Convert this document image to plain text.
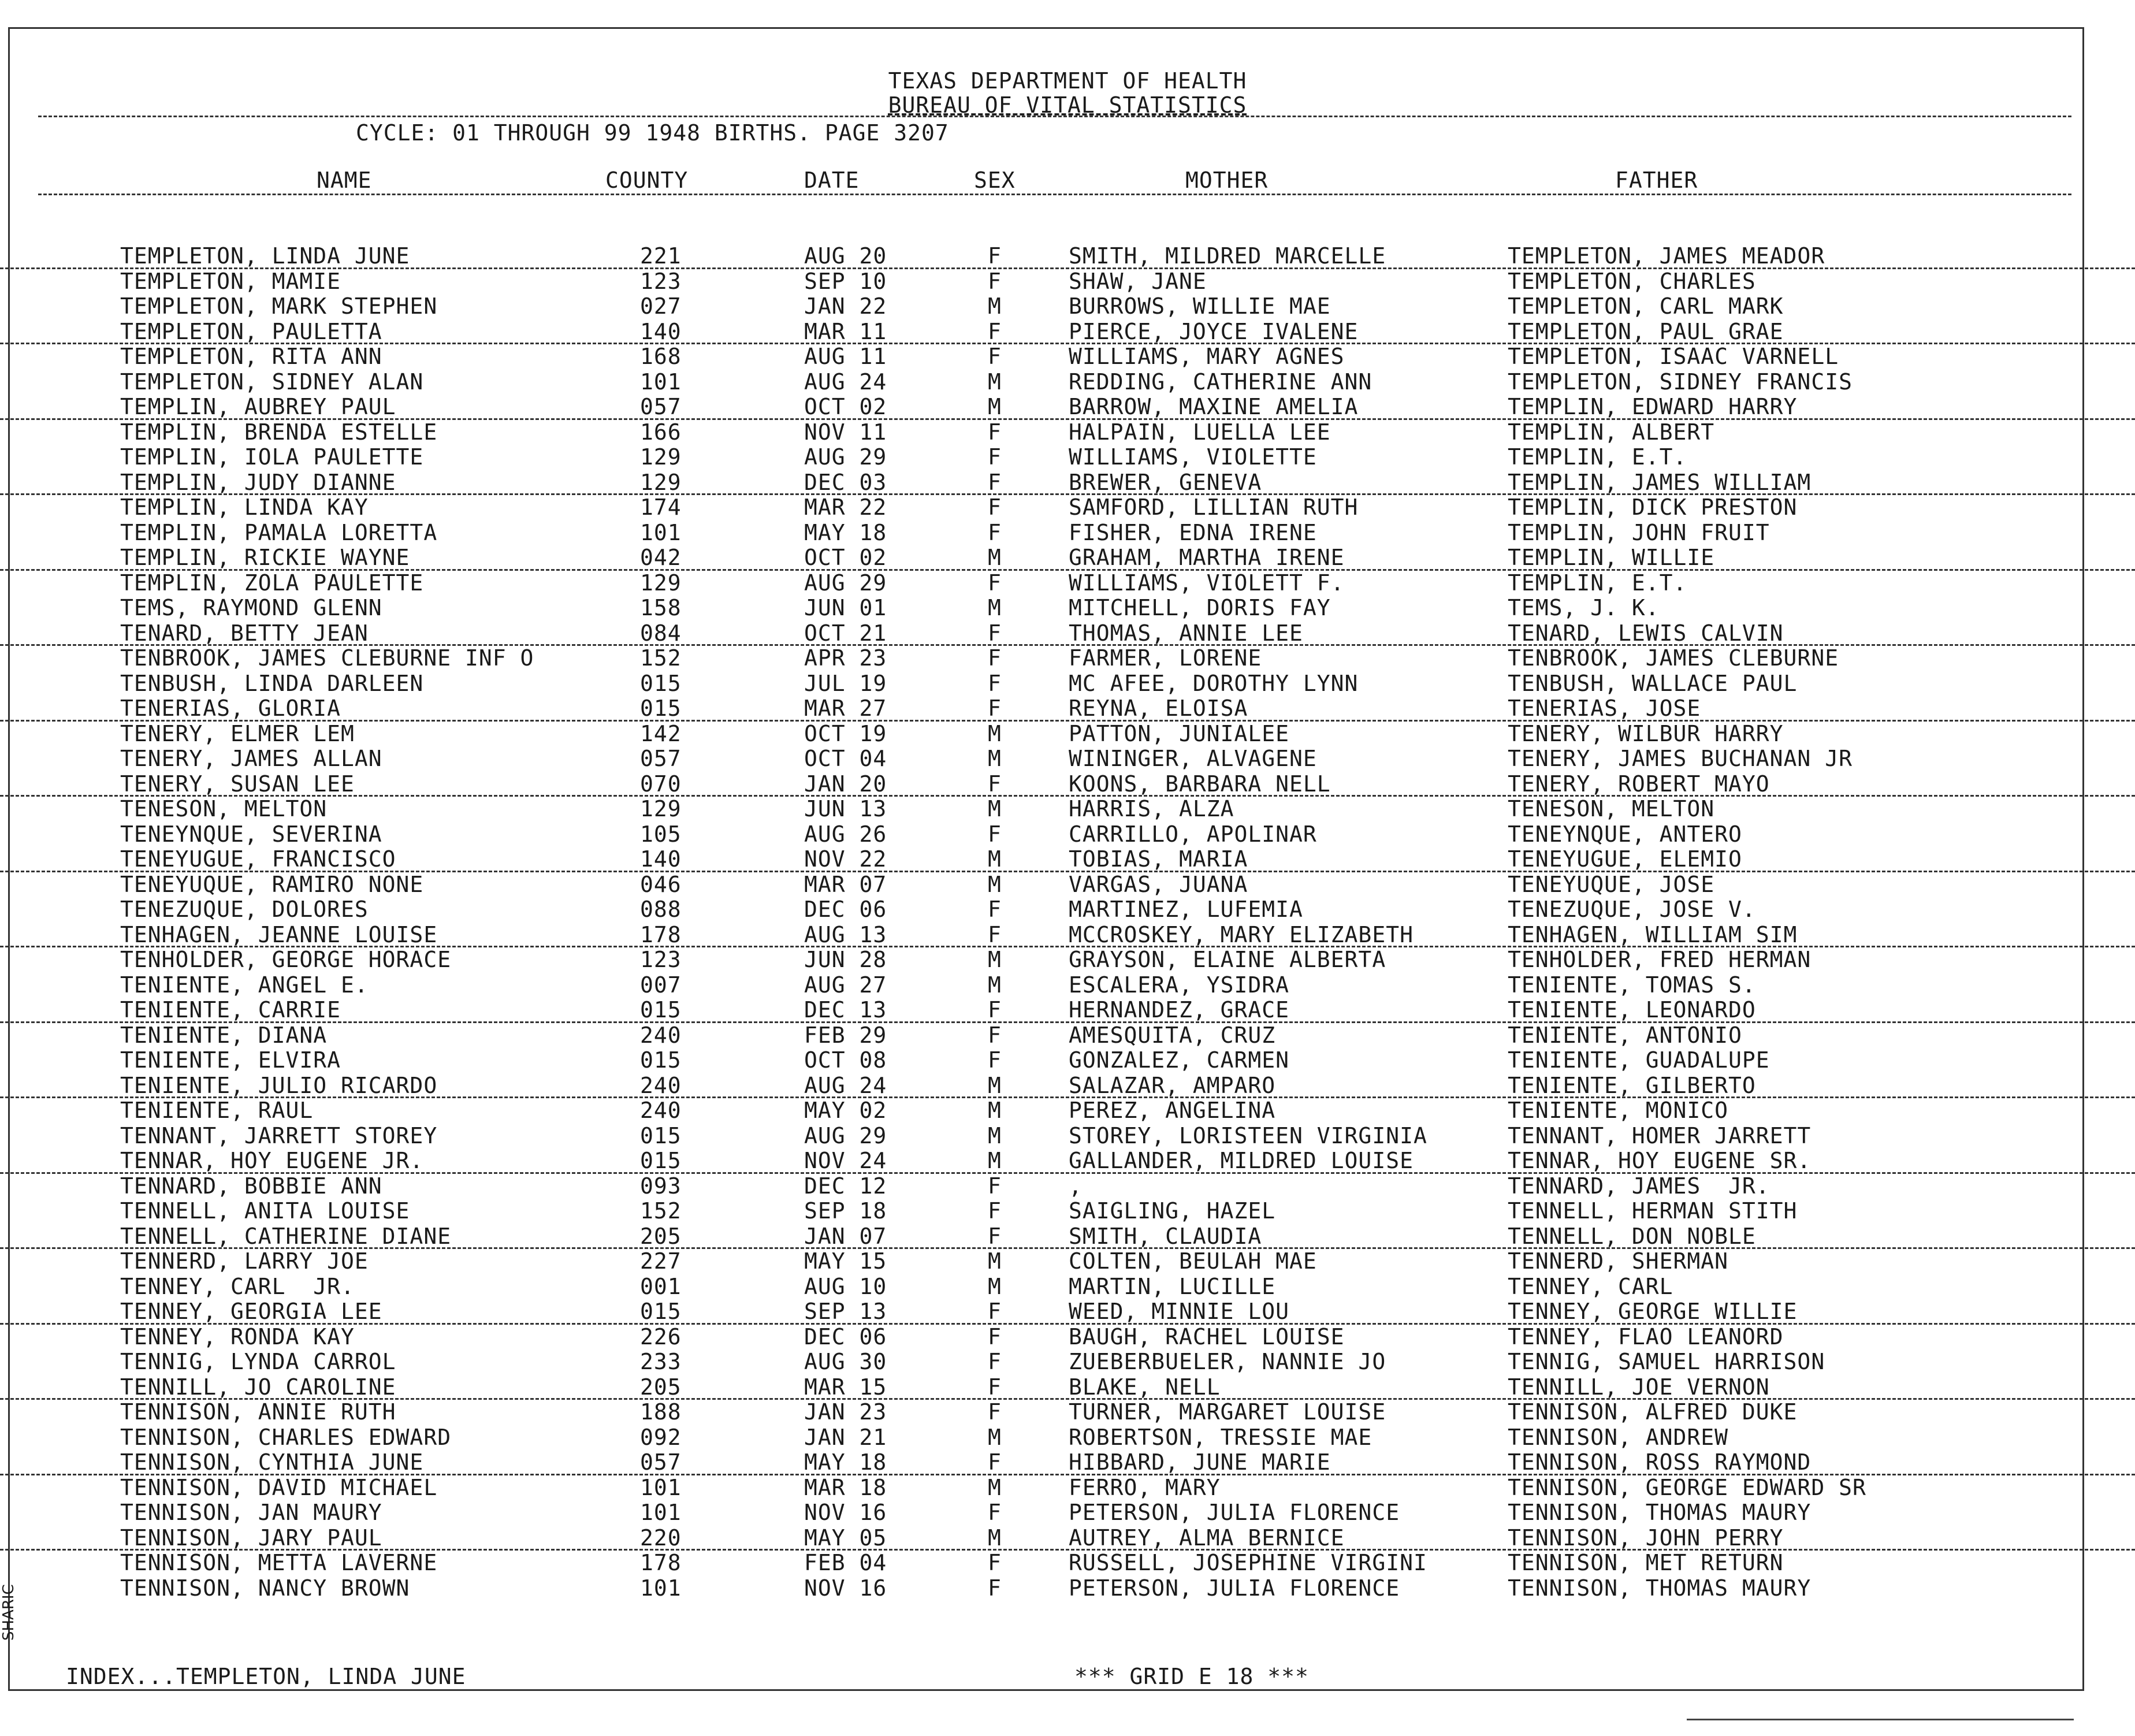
TEXAS DEPARTMENT OF HEALTH
BUREAU OF VITAL STATISTICS
CYCLE: 01 THROUGH 99 1948 BIRTHS. PAGE 3207
NAME	COUNTY	DATE	SEX	MOTHER	FATHER
TEMPLETON, LINDA JUNE	221	AUG 20	F	SMITH, MILDRED MARCELLE	TEMPLETON, JAMES MEADOR
TEMPLETON, MAMIE	123	SEP 10	F	SHAW, JANE	TEMPLETON, CHARLES
TEMPLETON, MARK STEPHEN	027	JAN 22	M	BURROWS, WILLIE MAE	TEMPLETON, CARL MARK
TEMPLETON, PAULETTA	140	MAR 11	F	PIERCE, JOYCE IVALENE	TEMPLETON, PAUL GRAE
TEMPLETON, RITA ANN	168	AUG 11	F	WILLIAMS, MARY AGNES	TEMPLETON, ISAAC VARNELL
TEMPLETON, SIDNEY ALAN	101	AUG 24	M	REDDING, CATHERINE ANN	TEMPLETON, SIDNEY FRANCIS
TEMPLIN, AUBREY PAUL	057	OCT 02	M	BARROW, MAXINE AMELIA	TEMPLIN, EDWARD HARRY
TEMPLIN, BRENDA ESTELLE	166	NOV 11	F	HALPAIN, LUELLA LEE	TEMPLIN, ALBERT
TEMPLIN, IOLA PAULETTE	129	AUG 29	F	WILLIAMS, VIOLETTE	TEMPLIN, E.T.
TEMPLIN, JUDY DIANNE	129	DEC 03	F	BREWER, GENEVA	TEMPLIN, JAMES WILLIAM
TEMPLIN, LINDA KAY	174	MAR 22	F	SAMFORD, LILLIAN RUTH	TEMPLIN, DICK PRESTON
TEMPLIN, PAMALA LORETTA	101	MAY 18	F	FISHER, EDNA IRENE	TEMPLIN, JOHN FRUIT
TEMPLIN, RICKIE WAYNE	042	OCT 02	M	GRAHAM, MARTHA IRENE	TEMPLIN, WILLIE
TEMPLIN, ZOLA PAULETTE	129	AUG 29	F	WILLIAMS, VIOLETT F.	TEMPLIN, E.T.
TEMS, RAYMOND GLENN	158	JUN 01	M	MITCHELL, DORIS FAY	TEMS, J. K.
TENARD, BETTY JEAN	084	OCT 21	F	THOMAS, ANNIE LEE	TENARD, LEWIS CALVIN
TENBROOK, JAMES CLEBURNE INF O	152	APR 23	F	FARMER, LORENE	TENBROOK, JAMES CLEBURNE
TENBUSH, LINDA DARLEEN	015	JUL 19	F	MC AFEE, DOROTHY LYNN	TENBUSH, WALLACE PAUL
TENERIAS, GLORIA	015	MAR 27	F	REYNA, ELOISA	TENERIAS, JOSE
TENERY, ELMER LEM	142	OCT 19	M	PATTON, JUNIALEE	TENERY, WILBUR HARRY
TENERY, JAMES ALLAN	057	OCT 04	M	WININGER, ALVAGENE	TENERY, JAMES BUCHANAN JR
TENERY, SUSAN LEE	070	JAN 20	F	KOONS, BARBARA NELL	TENERY, ROBERT MAYO
TENESON, MELTON	129	JUN 13	M	HARRIS, ALZA	TENESON, MELTON
TENEYNQUE, SEVERINA	105	AUG 26	F	CARRILLO, APOLINAR	TENEYNQUE, ANTERO
TENEYUGUE, FRANCISCO	140	NOV 22	M	TOBIAS, MARIA	TENEYUGUE, ELEMIO
TENEYUQUE, RAMIRO NONE	046	MAR 07	M	VARGAS, JUANA	TENEYUQUE, JOSE
TENEZUQUE, DOLORES	088	DEC 06	F	MARTINEZ, LUFEMIA	TENEZUQUE, JOSE V.
TENHAGEN, JEANNE LOUISE	178	AUG 13	F	MCCROSKEY, MARY ELIZABETH	TENHAGEN, WILLIAM SIM
TENHOLDER, GEORGE HORACE	123	JUN 28	M	GRAYSON, ELAINE ALBERTA	TENHOLDER, FRED HERMAN
TENIENTE, ANGEL E.	007	AUG 27	M	ESCALERA, YSIDRA	TENIENTE, TOMAS S.
TENIENTE, CARRIE	015	DEC 13	F	HERNANDEZ, GRACE	TENIENTE, LEONARDO
TENIENTE, DIANA	240	FEB 29	F	AMESQUITA, CRUZ	TENIENTE, ANTONIO
TENIENTE, ELVIRA	015	OCT 08	F	GONZALEZ, CARMEN	TENIENTE, GUADALUPE
TENIENTE, JULIO RICARDO	240	AUG 24	M	SALAZAR, AMPARO	TENIENTE, GILBERTO
TENIENTE, RAUL	240	MAY 02	M	PEREZ, ANGELINA	TENIENTE, MONICO
TENNANT, JARRETT STOREY	015	AUG 29	M	STOREY, LORISTEEN VIRGINIA	TENNANT, HOMER JARRETT
TENNAR, HOY EUGENE JR.	015	NOV 24	M	GALLANDER, MILDRED LOUISE	TENNAR, HOY EUGENE SR.
TENNARD, BOBBIE ANN	093	DEC 12	F	,	TENNARD, JAMES  JR.
TENNELL, ANITA LOUISE	152	SEP 18	F	SAIGLING, HAZEL	TENNELL, HERMAN STITH
TENNELL, CATHERINE DIANE	205	JAN 07	F	SMITH, CLAUDIA	TENNELL, DON NOBLE
TENNERD, LARRY JOE	227	MAY 15	M	COLTEN, BEULAH MAE	TENNERD, SHERMAN
TENNEY, CARL  JR.	001	AUG 10	M	MARTIN, LUCILLE	TENNEY, CARL
TENNEY, GEORGIA LEE	015	SEP 13	F	WEED, MINNIE LOU	TENNEY, GEORGE WILLIE
TENNEY, RONDA KAY	226	DEC 06	F	BAUGH, RACHEL LOUISE	TENNEY, FLAO LEANORD
TENNIG, LYNDA CARROL	233	AUG 30	F	ZUEBERBUELER, NANNIE JO	TENNIG, SAMUEL HARRISON
TENNILL, JO CAROLINE	205	MAR 15	F	BLAKE, NELL	TENNILL, JOE VERNON
TENNISON, ANNIE RUTH	188	JAN 23	F	TURNER, MARGARET LOUISE	TENNISON, ALFRED DUKE
TENNISON, CHARLES EDWARD	092	JAN 21	M	ROBERTSON, TRESSIE MAE	TENNISON, ANDREW
TENNISON, CYNTHIA JUNE	057	MAY 18	F	HIBBARD, JUNE MARIE	TENNISON, ROSS RAYMOND
TENNISON, DAVID MICHAEL	101	MAR 18	M	FERRO, MARY	TENNISON, GEORGE EDWARD SR
TENNISON, JAN MAURY	101	NOV 16	F	PETERSON, JULIA FLORENCE	TENNISON, THOMAS MAURY
TENNISON, JARY PAUL	220	MAY 05	M	AUTREY, ALMA BERNICE	TENNISON, JOHN PERRY
TENNISON, METTA LAVERNE	178	FEB 04	F	RUSSELL, JOSEPHINE VIRGINI	TENNISON, MET RETURN
TENNISON, NANCY BROWN	101	NOV 16	F	PETERSON, JULIA FLORENCE	TENNISON, THOMAS MAURY
INDEX...TEMPLETON, LINDA JUNE	*** GRID E 18 ***
SHARIC
